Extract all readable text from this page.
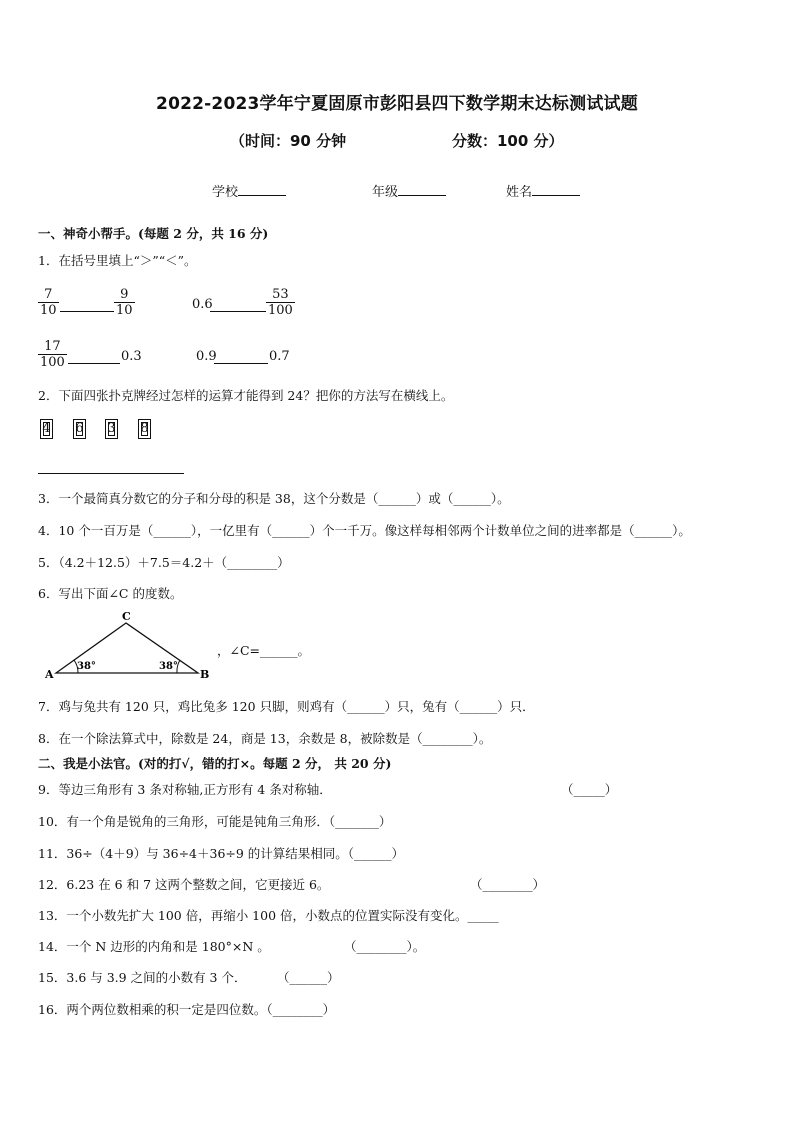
2022-2023学年宁夏固原市彭阳县四下数学期末达标测试试题
（时间：90 分钟	分数：100 分）
学校	年级	姓名
一、神奇小帮手。(每题 2 分，共 16 分)
1．在括号里填上“＞”“＜”。
$\frac{7}{10}$	$\frac{9}{10}$	0.6	$\frac{53}{100}$
$\frac{17}{100}$	0.3	0.9	0.7
2．下面四张扑克牌经过怎样的运算才能得到 24？把你的方法写在横线上。
4 6 3 8
3．一个最简真分数它的分子和分母的积是 38，这个分数是（______）或（______）。
4．10 个一百万是（______），一亿里有（______）个一千万。像这样每相邻两个计数单位之间的进率都是（______）。
5．（4.2＋12.5）＋7.5＝4.2＋（________）
6．写出下面∠C 的度数。
A	B
C
38°	38°
，∠C=______。
7．鸡与兔共有 120 只，鸡比兔多 120 只脚，则鸡有（______）只，兔有（______）只．
8．在一个除法算式中，除数是 24，商是 13，余数是 8，被除数是（________）。
二、我是小法官。(对的打√，错的打×。每题 2 分， 共 20 分)
9．等边三角形有 3 条对称轴,正方形有 4 条对称轴．	（_____）
10．有一个角是锐角的三角形，可能是钝角三角形．（_______）
11．36÷（4＋9）与 36÷4＋36÷9 的计算结果相同。（______）
12．6.23 在 6 和 7 这两个整数之间，它更接近 6。	（________）
13．一个小数先扩大 100 倍，再缩小 100 倍，小数点的位置实际没有变化。_____
14．一个 N 边形的内角和是 180°×N 。	（________）。
15．3.6 与 3.9 之间的小数有 3 个． （______）
16．两个两位数相乘的积一定是四位数。（________）
